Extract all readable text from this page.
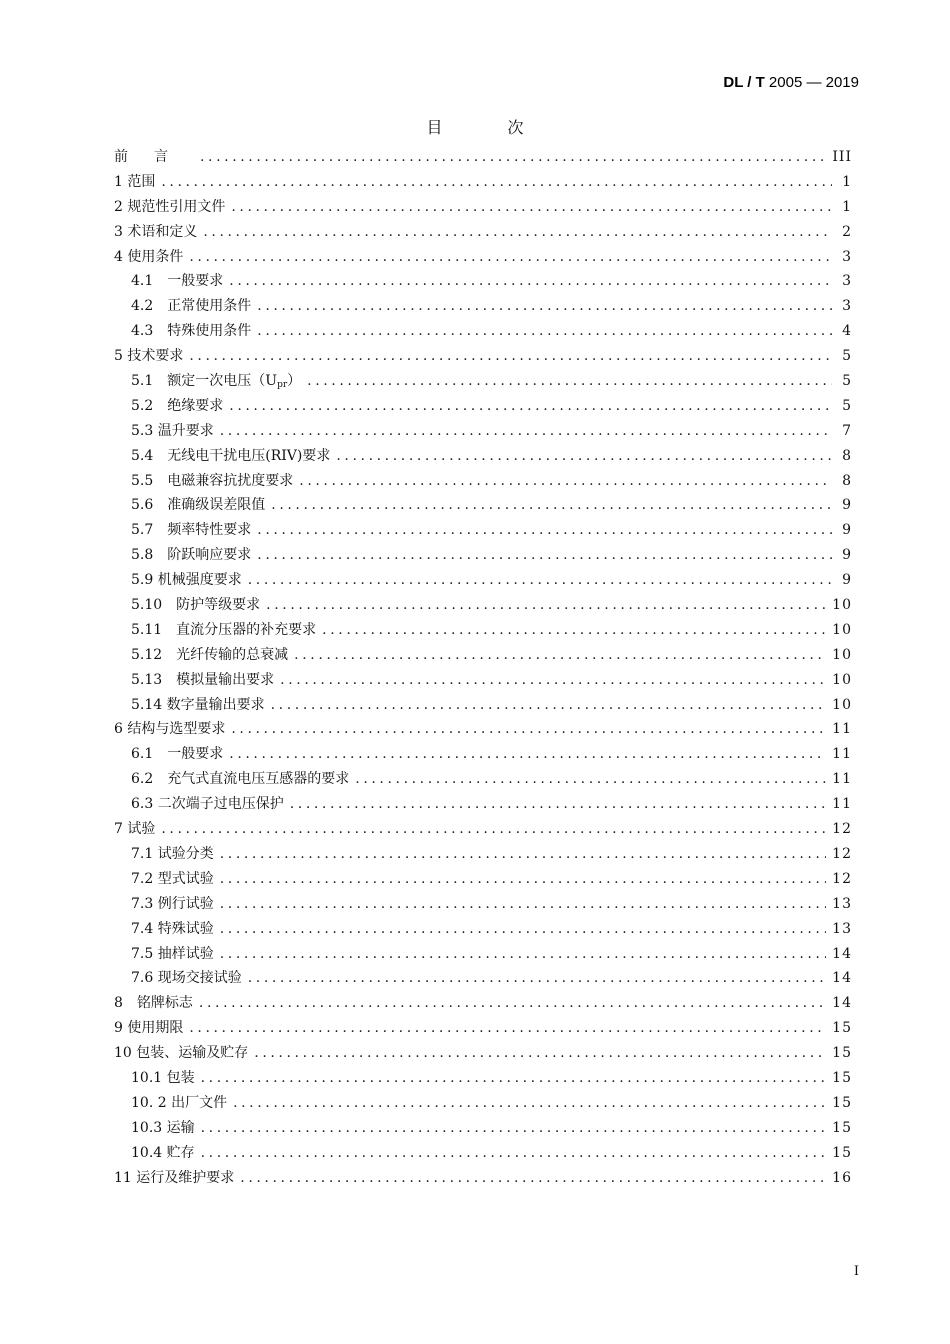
DL / T 2005 — 2019
目 次
前言 .....	III
1 范围 .....	1
2 规范性引用文件 .....	1
3 术语和定义 .....	2
4 使用条件 .....	3
4.1　一般要求 .....	3
4.2　正常使用条件 .....	3
4.3　特殊使用条件 .....	4
5 技术要求 .....	5
5.1　额定一次电压$(U_{pr})$ .....	5
5.2　绝缘要求 .....	5
5.3 温升要求 .....	7
5.4　无线电干扰电压(RIV)要求 .....	8
5.5　电磁兼容抗扰度要求 .....	8
5.6　准确级误差限值 .....	9
5.7　频率特性要求 .....	9
5.8　阶跃响应要求 .....	9
5.9 机械强度要求 .....	9
5.10　防护等级要求 .....	10
5.11　直流分压器的补充要求 .....	10
5.12　光纤传输的总衰减 .....	10
5.13　模拟量输出要求 .....	10
5.14 数字量输出要求 .....	10
6 结构与选型要求 .....	11
6.1　一般要求 .....	11
6.2　充气式直流电压互感器的要求 .....	11
6.3 二次端子过电压保护 .....	11
7 试验 .....	12
7.1 试验分类 .....	12
7.2 型式试验 .....	12
7.3 例行试验 .....	13
7.4 特殊试验 .....	13
7.5 抽样试验 .....	14
7.6 现场交接试验 .....	14
8　铭牌标志 .....	14
9 使用期限 .....	15
10 包装、运输及贮存 .....	15
10.1 包装 .....	15
10. 2 出厂文件 .....	15
10.3 运输 .....	15
10.4 贮存 .....	15
11 运行及维护要求 .....	16
I
